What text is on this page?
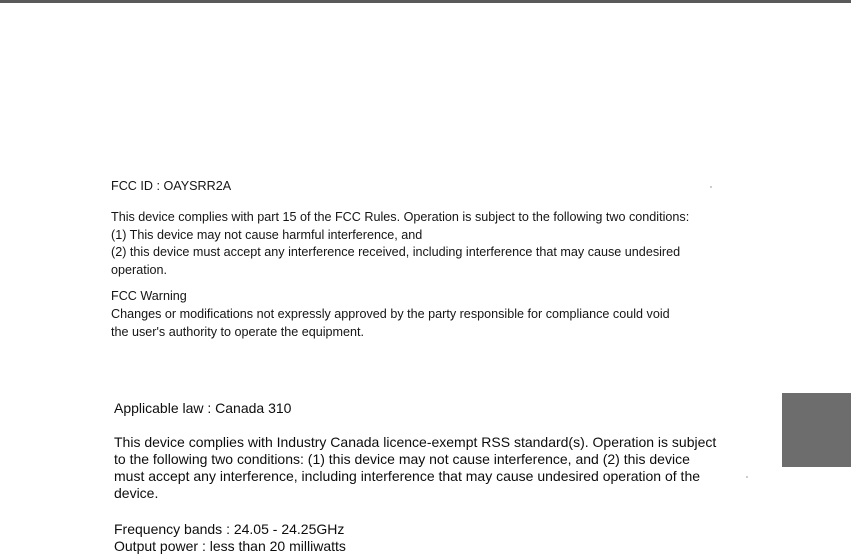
FCC ID : OAYSRR2A
This device complies with part 15 of the FCC Rules. Operation is subject to the following two conditions:
(1) This device may not cause harmful interference, and
(2) this device must accept any interference received, including interference that may cause undesired
operation.
FCC Warning
Changes or modifications not expressly approved by the party responsible for compliance could void
the user's authority to operate the equipment.
Applicable law : Canada 310
This device complies with Industry Canada licence-exempt RSS standard(s). Operation is subject
to the following two conditions: (1) this device may not cause interference, and (2) this device
must accept any interference, including interference that may cause undesired operation of the
device.
Frequency bands : 24.05 - 24.25GHz
Output power : less than 20 milliwatts
